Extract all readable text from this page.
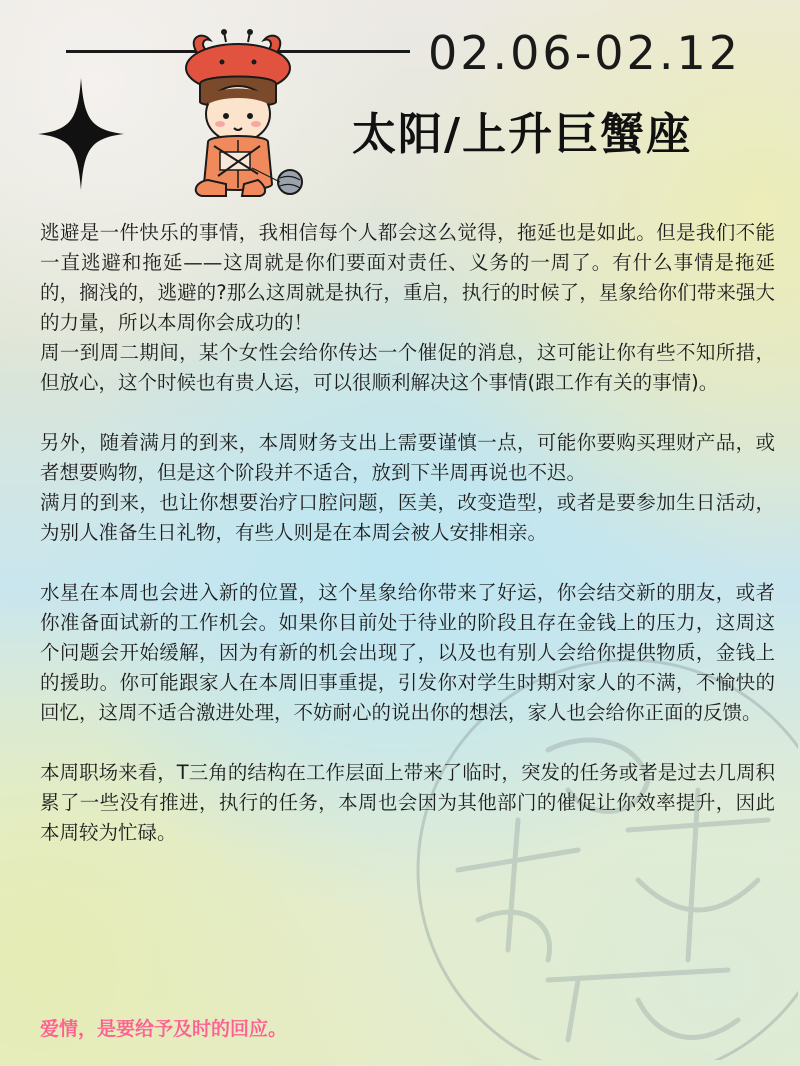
02.06-02.12
太阳/上升巨蟹座

逃避是一件快乐的事情，我相信每个人都会这么觉得，拖延也是如此。但是我们不能一直逃避和拖延——这周就是你们要面对责任、义务的一周了。有什么事情是拖延的，搁浅的，逃避的?那么这周就是执行，重启，执行的时候了，星象给你们带来强大的力量，所以本周你会成功的！

周一到周二期间，某个女性会给你传达一个催促的消息，这可能让你有些不知所措，但放心，这个时候也有贵人运，可以很顺利解决这个事情(跟工作有关的事情)。

另外，随着满月的到来，本周财务支出上需要谨慎一点，可能你要购买理财产品，或者想要购物，但是这个阶段并不适合，放到下半周再说也不迟。

满月的到来，也让你想要治疗口腔问题，医美，改变造型，或者是要参加生日活动，为别人准备生日礼物，有些人则是在本周会被人安排相亲。

水星在本周也会进入新的位置，这个星象给你带来了好运，你会结交新的朋友，或者你准备面试新的工作机会。如果你目前处于待业的阶段且存在金钱上的压力，这周这个问题会开始缓解，因为有新的机会出现了，以及也有别人会给你提供物质，金钱上的援助。你可能跟家人在本周旧事重提，引发你对学生时期对家人的不满，不愉快的回忆，这周不适合激进处理，不妨耐心的说出你的想法，家人也会给你正面的反馈。

本周职场来看，T三角的结构在工作层面上带来了临时，突发的任务或者是过去几周积累了一些没有推进，执行的任务，本周也会因为其他部门的催促让你效率提升，因此本周较为忙碌。

爱情，是要给予及时的回应。
